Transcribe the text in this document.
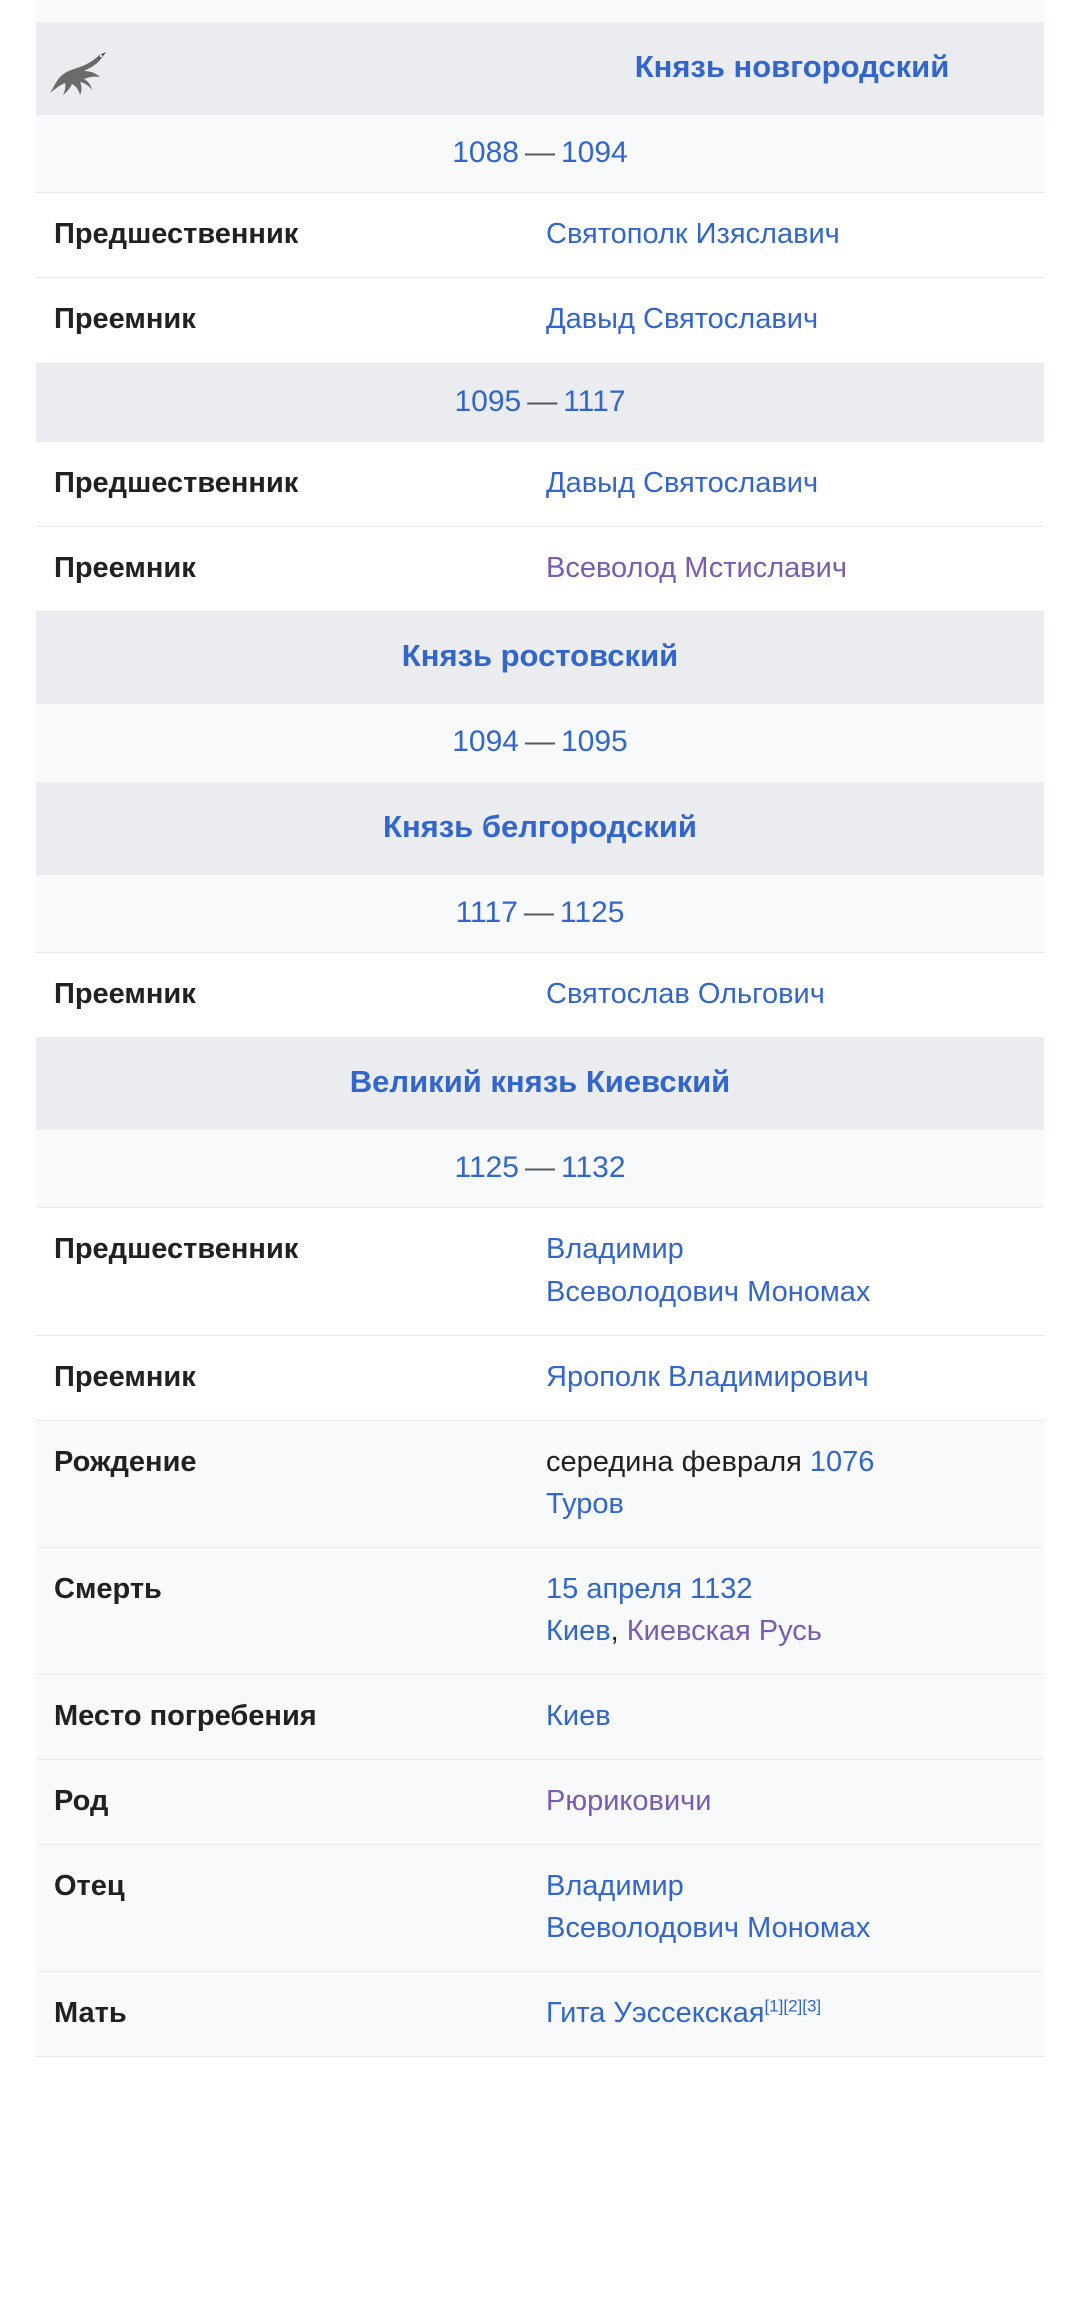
	Князь новгородский
1088 — 1094	
Предшественник	Святополк Изяславич
Преемник	Давыд Святославич
1095 — 1117	
Предшественник	Давыд Святославич
Преемник	Всеволод Мстиславич
Князь ростовский	
1094 — 1095	
Князь белгородский	
1117 — 1125	
Преемник	Святослав Ольгович
Великий князь Киевский	
1125 — 1132	
Предшественник	Владимир
Всеволодович Мономах

Преемник	Ярополк Владимирович
Рождение	середина февраля 1076
Туров

Смерть	15 апреля 1132
Киев, Киевская Русь

Место погребения	Киев
Род	Рюриковичи
Отец	Владимир
Всеволодович Мономах

Мать	Гита Уэссекская[1][2][3]
